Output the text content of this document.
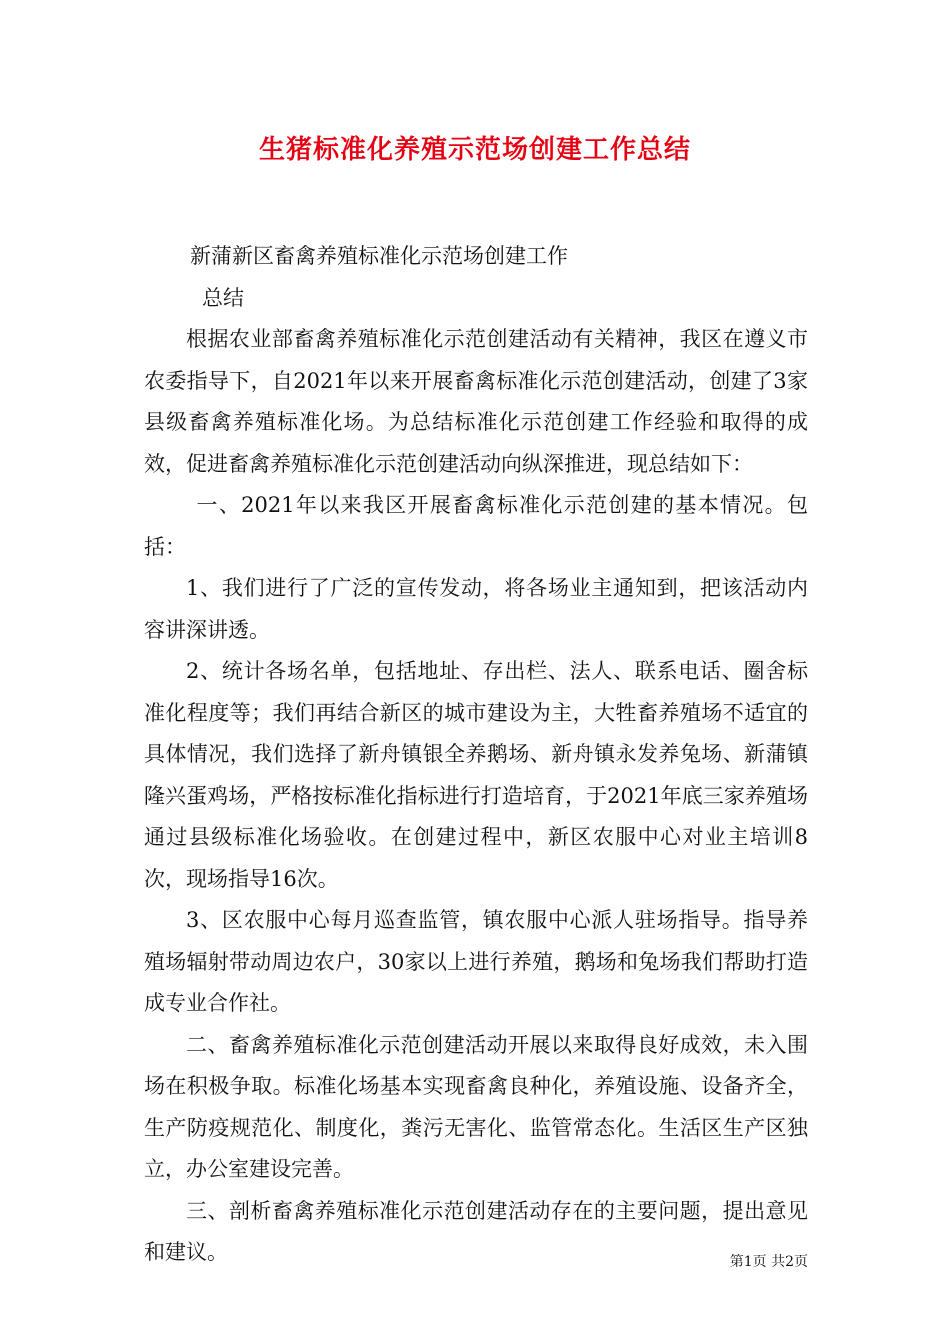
生猪标准化养殖示范场创建工作总结

新蒲新区畜禽养殖标准化示范场创建工作

总结

根据农业部畜禽养殖标准化示范创建活动有关精神，我区在遵义市农委指导下，自2021年以来开展畜禽标准化示范创建活动，创建了3家县级畜禽养殖标准化场。为总结标准化示范创建工作经验和取得的成效，促进畜禽养殖标准化示范创建活动向纵深推进，现总结如下：

一、2021年以来我区开展畜禽标准化示范创建的基本情况。包括：

1、我们进行了广泛的宣传发动，将各场业主通知到，把该活动内容讲深讲透。

2、统计各场名单，包括地址、存出栏、法人、联系电话、圈舍标准化程度等；我们再结合新区的城市建设为主，大牲畜养殖场不适宜的具体情况，我们选择了新舟镇银全养鹅场、新舟镇永发养兔场、新蒲镇隆兴蛋鸡场，严格按标准化指标进行打造培育，于2021年底三家养殖场通过县级标准化场验收。在创建过程中，新区农服中心对业主培训8次，现场指导16次。

3、区农服中心每月巡查监管，镇农服中心派人驻场指导。指导养殖场辐射带动周边农户，30家以上进行养殖，鹅场和兔场我们帮助打造成专业合作社。

二、畜禽养殖标准化示范创建活动开展以来取得良好成效，未入围场在积极争取。标准化场基本实现畜禽良种化，养殖设施、设备齐全，生产防疫规范化、制度化，粪污无害化、监管常态化。生活区生产区独立，办公室建设完善。

三、剖析畜禽养殖标准化示范创建活动存在的主要问题，提出意见和建议。	第1页 共2页
